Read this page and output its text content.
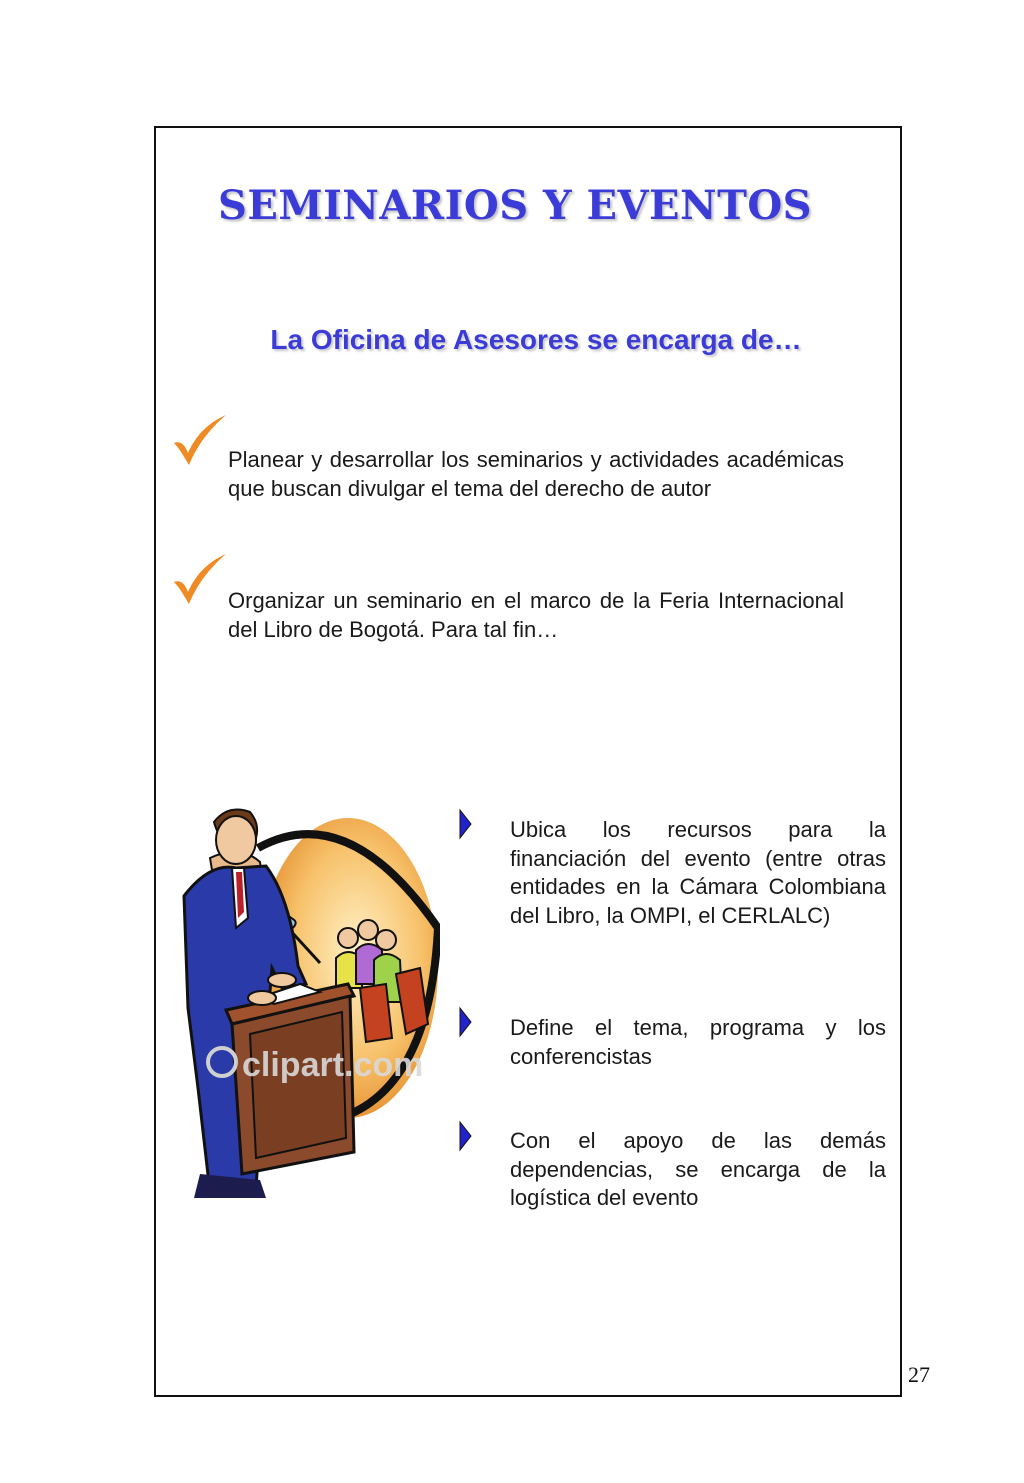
SEMINARIOS Y EVENTOS
La Oficina de Asesores se encarga de…
Planear y desarrollar los seminarios y actividades académicas que buscan divulgar el tema del derecho de autor
Organizar un seminario en el marco de la Feria Internacional del Libro de Bogotá. Para tal fin…
clipart.com
Ubica los recursos para la financiación del evento (entre otras entidades en la Cámara Colombiana del Libro, la OMPI, el CERLALC)
Define el tema, programa y los conferencistas
Con el apoyo de las demás dependencias, se encarga de la logística del evento
27
